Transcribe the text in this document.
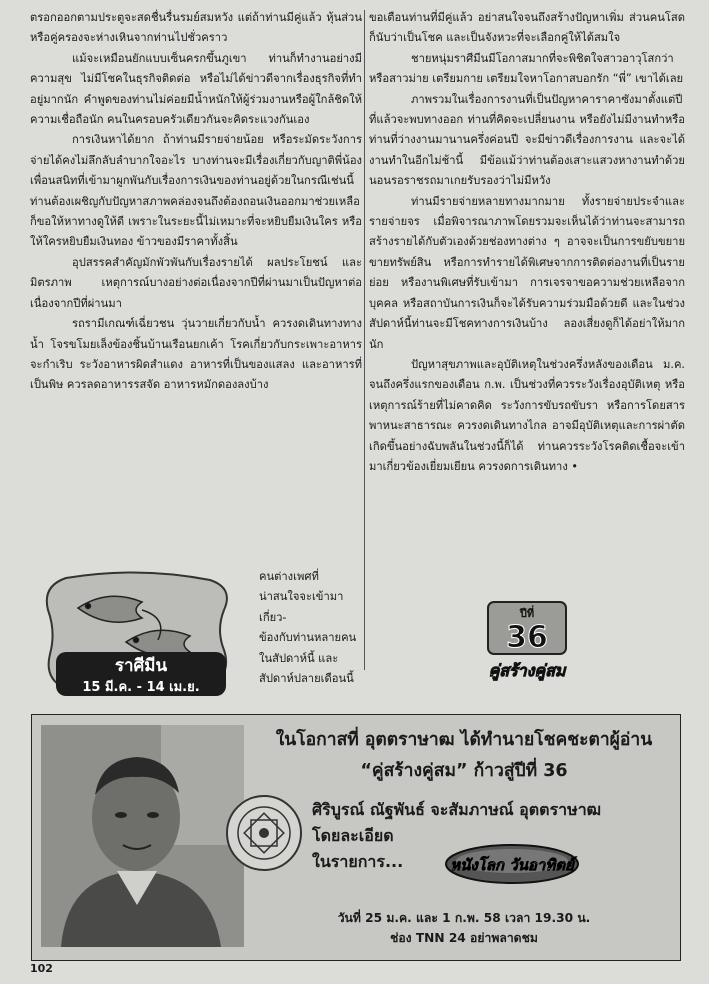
ตรอกออกตามประตูจะสดชื่นรื่นรมย์สมหวัง แต่ถ้าท่านมีคู่แล้ว หุ้นส่วนหรือคู่ครองจะห่างเหินจากท่านไปชั่วคราว

แม้จะเหมือนยักแบบเซ็นครกขึ้นภูเขา ท่านก็ทำงานอย่างมีความสุข ไม่มีโชคในธุรกิจติดต่อ หรือไม่ได้ข่าวดีจากเรื่องธุรกิจที่ทำอยู่มากนัก คำพูดของท่านไม่ค่อยมีน้ำหนักให้ผู้ร่วมงานหรือผู้ใกล้ชิดให้ความเชื่อถือนัก คนในครอบครัวเดียวกันจะคิดระแวงกันเอง

การเงินหาได้ยาก ถ้าท่านมีรายจ่ายน้อย หรือระมัดระวังการจ่ายได้คงไม่ลึกลับลำบากใจอะไร บางท่านจะมีเรื่องเกี่ยวกับญาติพี่น้อง เพื่อนสนิทที่เข้ามาผูกพันกับเรื่องการเงินของท่านอยู่ด้วยในกรณีเช่นนี้ ท่านต้องเผชิญกับปัญหาสภาพคล่องจนถึงต้องถอนเงินออกมาช่วยเหลือ ก็ขอให้หาทางดูให้ดี เพราะในระยะนี้ไม่เหมาะที่จะหยิบยืมเงินใคร หรือให้ใครหยิบยืมเงินทอง ข้าวของมีราคาทั้งสิ้น

อุปสรรคสำคัญมักพัวพันกับเรื่องรายได้ ผลประโยชน์ และมิตรภาพ เหตุการณ์บางอย่างต่อเนื่องจากปีที่ผ่านมาเป็นปัญหาต่อเนื่องจากปีที่ผ่านมา

รถรามีเกณฑ์เฉี่ยวชน วุ่นวายเกี่ยวกับน้ำ ควรงดเดินทางทางน้ำ โจรขโมยเล็งข้องชิ้นบ้านเรือนยกเค้า โรคเกี่ยวกับกระเพาะอาหารจะกำเริบ ระวังอาหารผิดสำแดง อาหารที่เป็นของแสลง และอาหารที่เป็นพิษ ควรลดอาหารรสจัด อาหารหมักดองลงบ้าง

ขอเตือนท่านที่มีคู่แล้ว อย่าสนใจจนถึงสร้างปัญหาเพิ่ม ส่วนคนโสดก็นับว่าเป็นโชค และเป็นจังหวะที่จะเลือกคู่ให้ได้สมใจ

ชายหนุ่มราศีมีนมีโอกาสมากที่จะพิชิตใจสาวอาวุโสกว่า หรือสาวม่าย เตรียมกาย เตรียมใจหาโอกาสบอกรัก “พี่” เขาได้เลย

ภาพรวมในเรื่องการงานที่เป็นปัญหาคาราคาซังมาตั้งแต่ปีที่แล้วจะพบทางออก ท่านที่คิดจะเปลี่ยนงาน หรือยังไม่มีงานทำหรือท่านที่ว่างงานมานานครึ่งค่อนปี จะมีข่าวดีเรื่องการงาน และจะได้งานทำในอีกไม่ช้านี้ มีข้อแม้ว่าท่านต้องเสาะแสวงหางานทำด้วย นอนรอราชรถมาเกยรับรองว่าไม่มีหวัง

ท่านมีรายจ่ายหลายทางมากมาย ทั้งรายจ่ายประจำและรายจ่ายจร เมื่อพิจารณาภาพโดยรวมจะเห็นได้ว่าท่านจะสามารถสร้างรายได้กับตัวเองด้วยช่องทางต่าง ๆ อาจจะเป็นการขยับขยาย ขายทรัพย์สิน หรือการทำรายได้พิเศษจากการติดต่องานที่เป็นรายย่อย หรืองานพิเศษที่รับเข้ามา การเจรจาขอความช่วยเหลือจากบุคคล หรือสถาบันการเงินก็จะได้รับความร่วมมือด้วยดี และในช่วงสัปดาห์นี้ท่านจะมีโชคทางการเงินบ้าง ลองเสี่ยงดูก็ได้อย่าให้มากนัก

ปัญหาสุขภาพและอุบัติเหตุในช่วงครึ่งหลังของเดือน ม.ค. จนถึงครึ่งแรกของเดือน ก.พ. เป็นช่วงที่ควรระวังเรื่องอุบัติเหตุ หรือเหตุการณ์ร้ายที่ไม่คาดคิด ระวังการขับรถขับรา หรือการโดยสารพาหนะสาธารณะ ควรงดเดินทางไกล อาจมีอุบัติเหตุและการผ่าตัดเกิดขึ้นอย่างฉับพลันในช่วงนี้ก็ได้ ท่านควรระวังโรคติดเชื้อจะเข้ามาเกี่ยวข้องเยี่ยมเยียน ควรงดการเดินทาง •

ราศีมีน
15 มี.ค. - 14 เม.ย.

คนต่างเพศที่

น่าสนใจจะเข้ามาเกี่ยว-

ข้องกับท่านหลายคน

ในสัปดาห์นี้ และ

สัปดาห์ปลายเดือนนี้

ปีที่
36
คู่สร้างคู่สม
ในโอกาสที่ อุตตราษาฒ ได้ทำนายโชคชะตาผู้อ่าน
“คู่สร้างคู่สม” ก้าวสู่ปีที่ 36
ศิริบูรณ์ ณัฐพันธ์ จะสัมภาษณ์ อุตตราษาฒ
โดยละเอียด
ในรายการ...	หนังโลก วันอาทิตย์
วันที่ 25 ม.ค. และ 1 ก.พ. 58 เวลา 19.30 น.
ช่อง TNN 24 อย่าพลาดชม
102
